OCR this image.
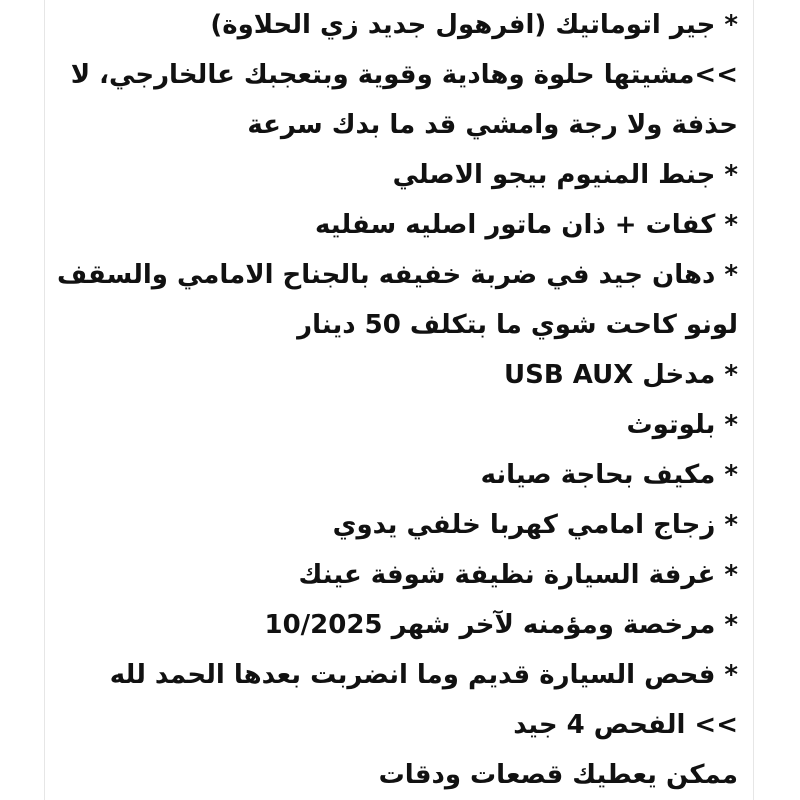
* جير اتوماتيك (افرهول جديد زي الحلاوة)
>>مشيتها حلوة وهادية وقوية وبتعجبك عالخارجي، لا
حذفة ولا رجة وامشي قد ما بدك سرعة
* جنط المنيوم بيجو الاصلي
* كفات + ذان ماتور اصليه سفليه
* دهان جيد في ضربة خفيفه بالجناح الامامي والسقف
لونو كاحت شوي ما بتكلف 50 دينار
* مدخل USB AUX
* بلوتوث
* مكيف بحاجة صيانه
* زجاج امامي كهربا خلفي يدوي
* غرفة السيارة نظيفة شوفة عينك
* مرخصة ومؤمنه لآخر شهر 10/2025
* فحص السيارة قديم وما انضربت بعدها الحمد لله
>> الفحص 4 جيد
ممكن يعطيك قصعات ودقات
